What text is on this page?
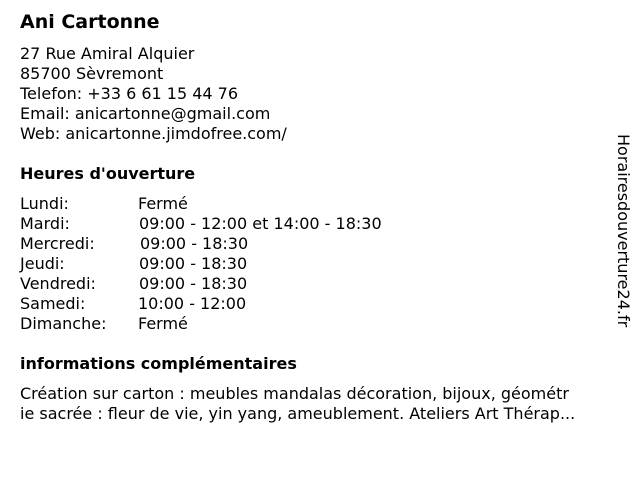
Ani Cartonne
27 Rue Amiral Alquier
85700 Sèvremont
Telefon: +33 6 61 15 44 76
Email: anicartonne@gmail.com
Web: anicartonne.jimdofree.com/
Heures d'ouverture
Lundi:	Fermé
Mardi:	09:00 - 12:00 et 14:00 - 18:30
Mercredi:	09:00 - 18:30
Jeudi:	09:00 - 18:30
Vendredi:	09:00 - 18:30
Samedi:	10:00 - 12:00
Dimanche: Fermé
informations complémentaires
Création sur carton : meubles mandalas décoration, bijoux, géométr
ie sacrée : fleur de vie, yin yang, ameublement. Ateliers Art Thérap...
Horairesdouverture24.fr
